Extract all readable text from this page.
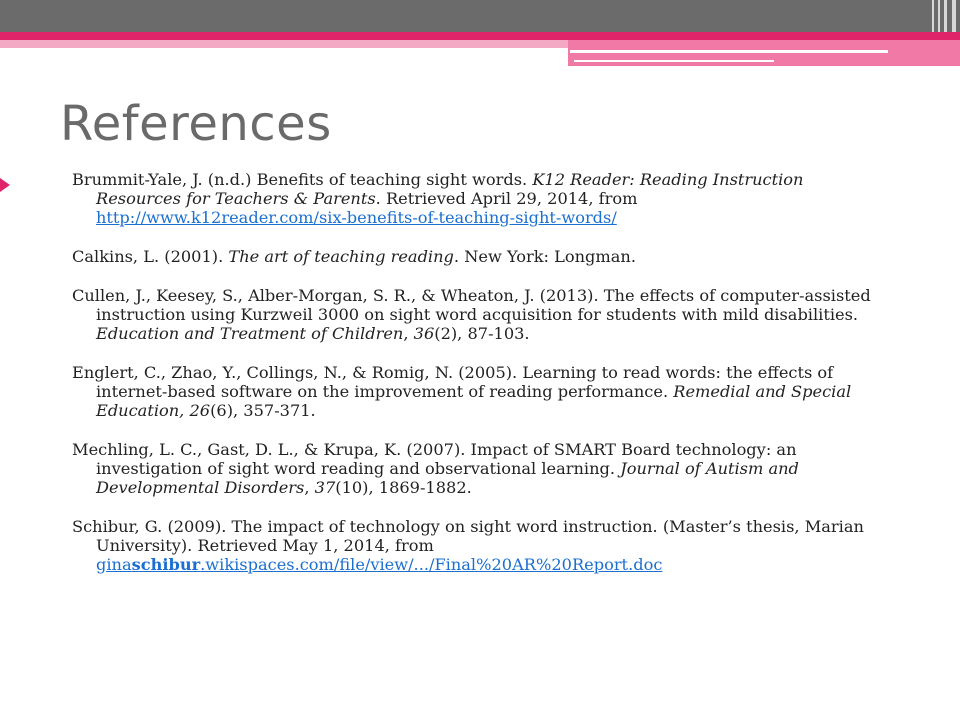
References

Brummit-Yale, J. (n.d.) Benefits of teaching sight words. K12 Reader: Reading Instruction Resources for Teachers & Parents. Retrieved April 29, 2014, from http://www.k12reader.com/six-benefits-of-teaching-sight-words/

Calkins, L. (2001). The art of teaching reading. New York: Longman.

Cullen, J., Keesey, S., Alber-Morgan, S. R., & Wheaton, J. (2013). The effects of computer-assisted instruction using Kurzweil 3000 on sight word acquisition for students with mild disabilities. Education and Treatment of Children, 36(2), 87-103.

Englert, C., Zhao, Y., Collings, N., & Romig, N. (2005). Learning to read words: the effects of internet-based software on the improvement of reading performance. Remedial and Special Education, 26(6), 357-371.

Mechling, L. C., Gast, D. L., & Krupa, K. (2007). Impact of SMART Board technology: an investigation of sight word reading and observational learning. Journal of Autism and Developmental Disorders, 37(10), 1869-1882.

Schibur, G. (2009). The impact of technology on sight word instruction. (Master’s thesis, Marian University). Retrieved May 1, 2014, from ginaschibur.wikispaces.com/file/view/.../Final%20AR%20Report.doc
